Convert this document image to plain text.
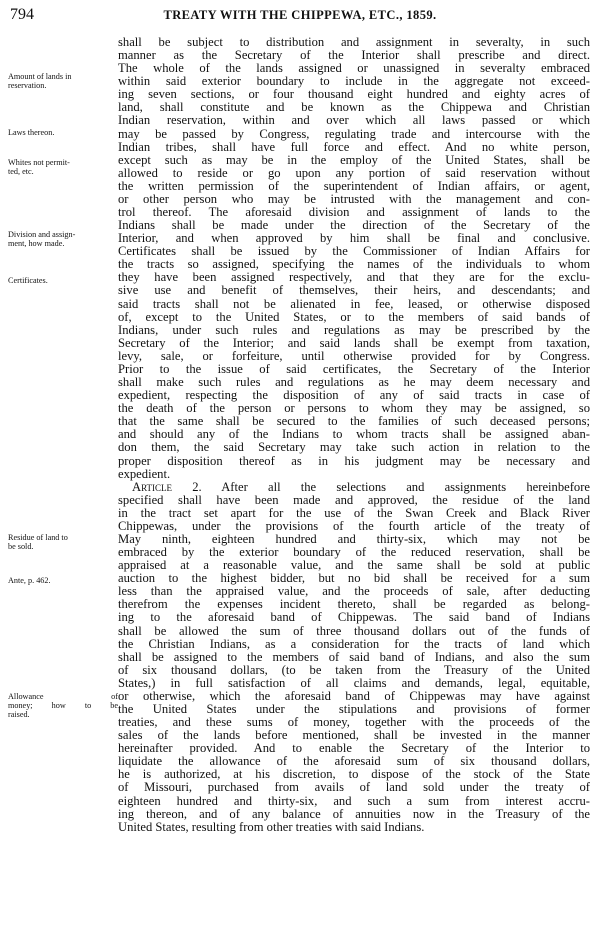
794	TREATY WITH THE CHIPPEWA, ETC., 1859.
Amount of lands in
reservation.
Laws thereon.
Whites not permit-
ted, etc.
Division and assign-
ment, how made.
Certificates.
Residue of land to
be sold.
Ante, p. 462.
Allowance of
money; how to be
raised.
shall be subject to distribution and assignment in severalty, in such
manner as the Secretary of the Interior shall prescribe and direct.
The whole of the lands assigned or unassigned in severalty embraced
within said exterior boundary to include in the aggregate not exceed-
ing seven sections, or four thousand eight hundred and eighty acres of
land, shall constitute and be known as the Chippewa and Christian
Indian reservation, within and over which all laws passed or which
may be passed by Congress, regulating trade and intercourse with the
Indian tribes, shall have full force and effect. And no white person,
except such as may be in the employ of the United States, shall be
allowed to reside or go upon any portion of said reservation without
the written permission of the superintendent of Indian affairs, or agent,
or other person who may be intrusted with the management and con-
trol thereof. The aforesaid division and assignment of lands to the
Indians shall be made under the direction of the Secretary of the
Interior, and when approved by him shall be final and conclusive.
Certificates shall be issued by the Commissioner of Indian Affairs for
the tracts so assigned, specifying the names of the individuals to whom
they have been assigned respectively, and that they are for the exclu-
sive use and benefit of themselves, their heirs, and descendants; and
said tracts shall not be alienated in fee, leased, or otherwise disposed
of, except to the United States, or to the members of said bands of
Indians, under such rules and regulations as may be prescribed by the
Secretary of the Interior; and said lands shall be exempt from taxation,
levy, sale, or forfeiture, until otherwise provided for by Congress.
Prior to the issue of said certificates, the Secretary of the Interior
shall make such rules and regulations as he may deem necessary and
expedient, respecting the disposition of any of said tracts in case of
the death of the person or persons to whom they may be assigned, so
that the same shall be secured to the families of such deceased persons;
and should any of the Indians to whom tracts shall be assigned aban-
don them, the said Secretary may take such action in relation to the
proper disposition thereof as in his judgment may be necessary and
expedient.
Article 2. After all the selections and assignments hereinbefore
specified shall have been made and approved, the residue of the land
in the tract set apart for the use of the Swan Creek and Black River
Chippewas, under the provisions of the fourth article of the treaty of
May ninth, eighteen hundred and thirty-six, which may not be
embraced by the exterior boundary of the reduced reservation, shall be
appraised at a reasonable value, and the same shall be sold at public
auction to the highest bidder, but no bid shall be received for a sum
less than the appraised value, and the proceeds of sale, after deducting
therefrom the expenses incident thereto, shall be regarded as belong-
ing to the aforesaid band of Chippewas. The said band of Indians
shall be allowed the sum of three thousand dollars out of the funds of
the Christian Indians, as a consideration for the tracts of land which
shall be assigned to the members of said band of Indians, and also the sum
of six thousand dollars, (to be taken from the Treasury of the United
States,) in full satisfaction of all claims and demands, legal, equitable,
or otherwise, which the aforesaid band of Chippewas may have against
the United States under the stipulations and provisions of former
treaties, and these sums of money, together with the proceeds of the
sales of the lands before mentioned, shall be invested in the manner
hereinafter provided. And to enable the Secretary of the Interior to
liquidate the allowance of the aforesaid sum of six thousand dollars,
he is authorized, at his discretion, to dispose of the stock of the State
of Missouri, purchased from avails of land sold under the treaty of
eighteen hundred and thirty-six, and such a sum from interest accru-
ing thereon, and of any balance of annuities now in the Treasury of the
United States, resulting from other treaties with said Indians.
